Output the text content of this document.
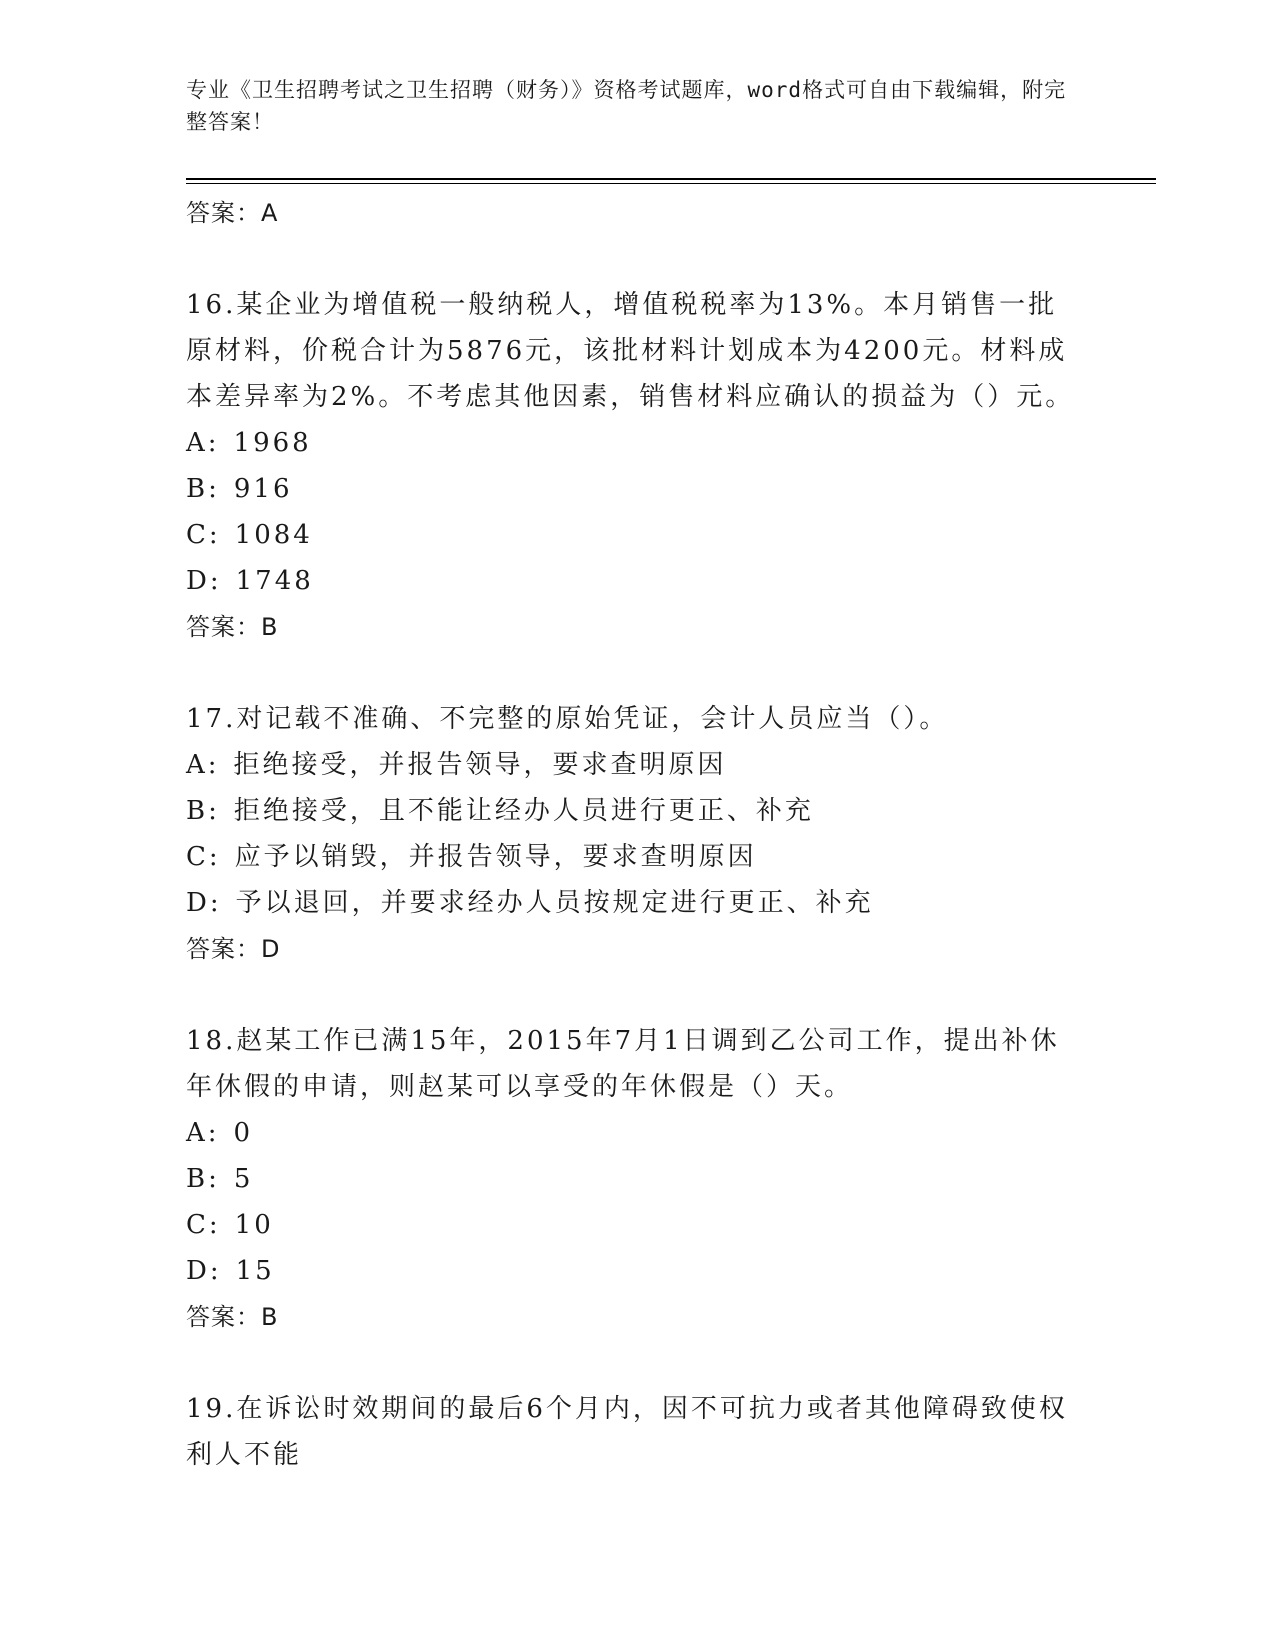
专业《卫生招聘考试之卫生招聘（财务）》资格考试题库，word格式可自由下载编辑，附完整答案！

答案：A

16.某企业为增值税一般纳税人，增值税税率为13%。本月销售一批原材料，价税合计为5876元，该批材料计划成本为4200元。材料成本差异率为2%。不考虑其他因素，销售材料应确认的损益为（）元。

A : 1968

B : 916

C : 1084

D : 1748

答案：B

17.对记载不准确、不完整的原始凭证，会计人员应当（）。

A : 拒绝接受，并报告领导，要求查明原因

B : 拒绝接受，且不能让经办人员进行更正、补充

C : 应予以销毁，并报告领导，要求查明原因

D : 予以退回，并要求经办人员按规定进行更正、补充

答案：D

18.赵某工作已满15年，2015年7月1日调到乙公司工作，提出补休年休假的申请，则赵某可以享受的年休假是（）天。

A : 0

B : 5

C : 10

D : 15

答案：B

19.在诉讼时效期间的最后6个月内，因不可抗力或者其他障碍致使权利人不能
